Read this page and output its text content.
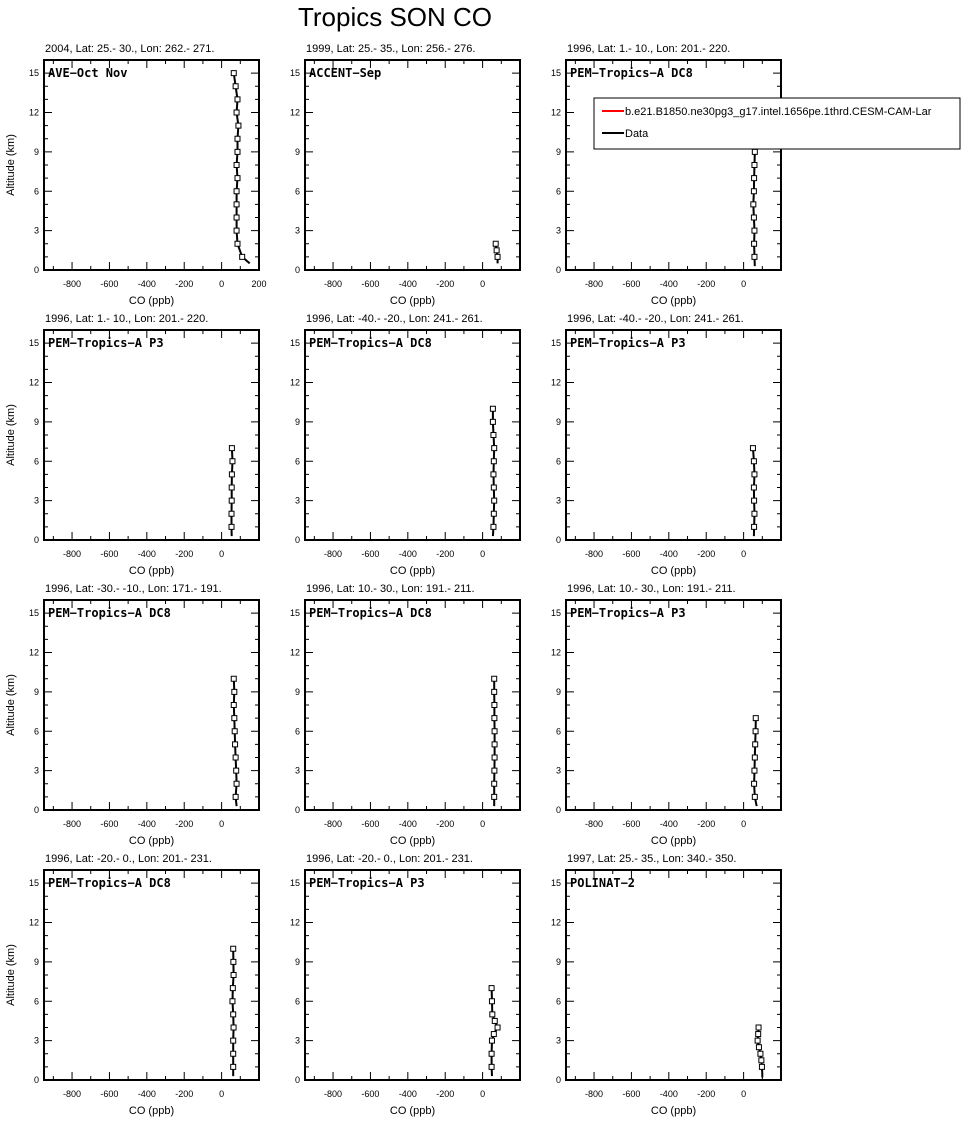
Tropics SON CO
2004, Lat: 25.- 30., Lon: 262.- 271.
AVE−Oct Nov
0
3
6
9
12
15
-800 -600 -400 -200	0	200
CO (ppb)
Altitude (km)
1999, Lat: 25.- 35., Lon: 256.- 276.
ACCENT−Sep
0
3
6
9
12
15
-800 -600 -400 -200	0
CO (ppb)
1996, Lat: 1.- 10., Lon: 201.- 220.
PEM−Tropics−A DC8
0
3
6
9
12
15
-800 -600 -400 -200	0
CO (ppb)
1996, Lat: 1.- 10., Lon: 201.- 220.
PEM−Tropics−A P3
0
3
6
9
12
15
-800 -600 -400 -200	0
CO (ppb)
Altitude (km)
1996, Lat: -40.- -20., Lon: 241.- 261.
PEM−Tropics−A DC8
0
3
6
9
12
15
-800 -600 -400 -200	0
CO (ppb)
1996, Lat: -40.- -20., Lon: 241.- 261.
PEM−Tropics−A P3
0
3
6
9
12
15
-800 -600 -400 -200	0
CO (ppb)
1996, Lat: -30.- -10., Lon: 171.- 191.
PEM−Tropics−A DC8
0
3
6
9
12
15
-800 -600 -400 -200	0
CO (ppb)
Altitude (km)
1996, Lat: 10.- 30., Lon: 191.- 211.
PEM−Tropics−A DC8
0
3
6
9
12
15
-800 -600 -400 -200	0
CO (ppb)
1996, Lat: 10.- 30., Lon: 191.- 211.
PEM−Tropics−A P3
0
3
6
9
12
15
-800 -600 -400 -200	0
CO (ppb)
1996, Lat: -20.- 0., Lon: 201.- 231.
PEM−Tropics−A DC8
0
3
6
9
12
15
-800 -600 -400 -200	0
CO (ppb)
Altitude (km)
1996, Lat: -20.- 0., Lon: 201.- 231.
PEM−Tropics−A P3
0
3
6
9
12
15
-800 -600 -400 -200	0
CO (ppb)
1997, Lat: 25.- 35., Lon: 340.- 350.
POLINAT−2
0
3
6
9
12
15
-800 -600 -400 -200	0
CO (ppb)
b.e21.B1850.ne30pg3_g17.intel.1656pe.1thrd.CESM-CAM-Lar
Data
